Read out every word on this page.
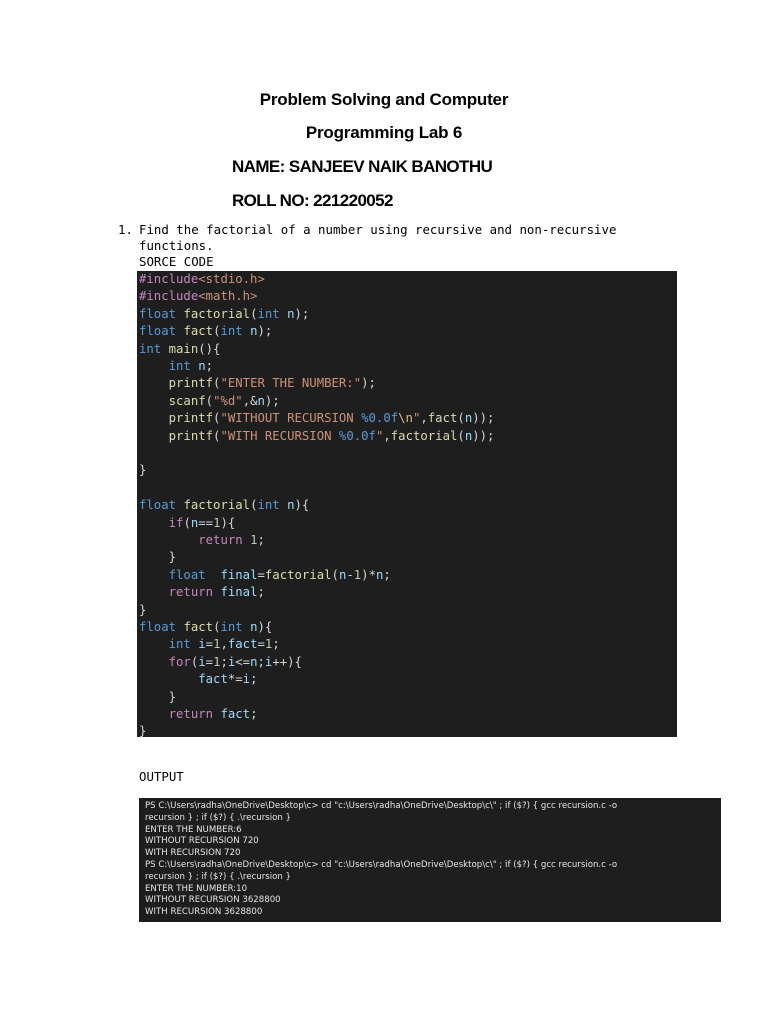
Problem Solving and Computer
Programming Lab 6
NAME: SANJEEV NAIK BANOTHU
ROLL NO: 221220052
1. Find the factorial of a number using recursive and non-recursive functions.
SORCE CODE
#include<stdio.h>
#include<math.h>
float factorial(int n);
float fact(int n);
int main(){
int n;
printf("ENTER THE NUMBER:");
scanf("%d",&n);
printf("WITHOUT RECURSION %0.0f\n",fact(n));
printf("WITH RECURSION %0.0f",factorial(n));
}
float factorial(int n){
if(n==1){
return 1;
}
float final=factorial(n-1)*n;
return final;
}
float fact(int n){
int i=1,fact=1;
for(i=1;i<=n;i++){
fact*=i;
}
return fact;
}
OUTPUT
PS C:\Users\radha\OneDrive\Desktop\c> cd "c:\Users\radha\OneDrive\Desktop\c\" ; if ($?) { gcc recursion.c -o
recursion } ; if ($?) { .\recursion }
ENTER THE NUMBER:6
WITHOUT RECURSION 720
WITH RECURSION 720
PS C:\Users\radha\OneDrive\Desktop\c> cd "c:\Users\radha\OneDrive\Desktop\c\" ; if ($?) { gcc recursion.c -o
recursion } ; if ($?) { .\recursion }
ENTER THE NUMBER:10
WITHOUT RECURSION 3628800
WITH RECURSION 3628800
